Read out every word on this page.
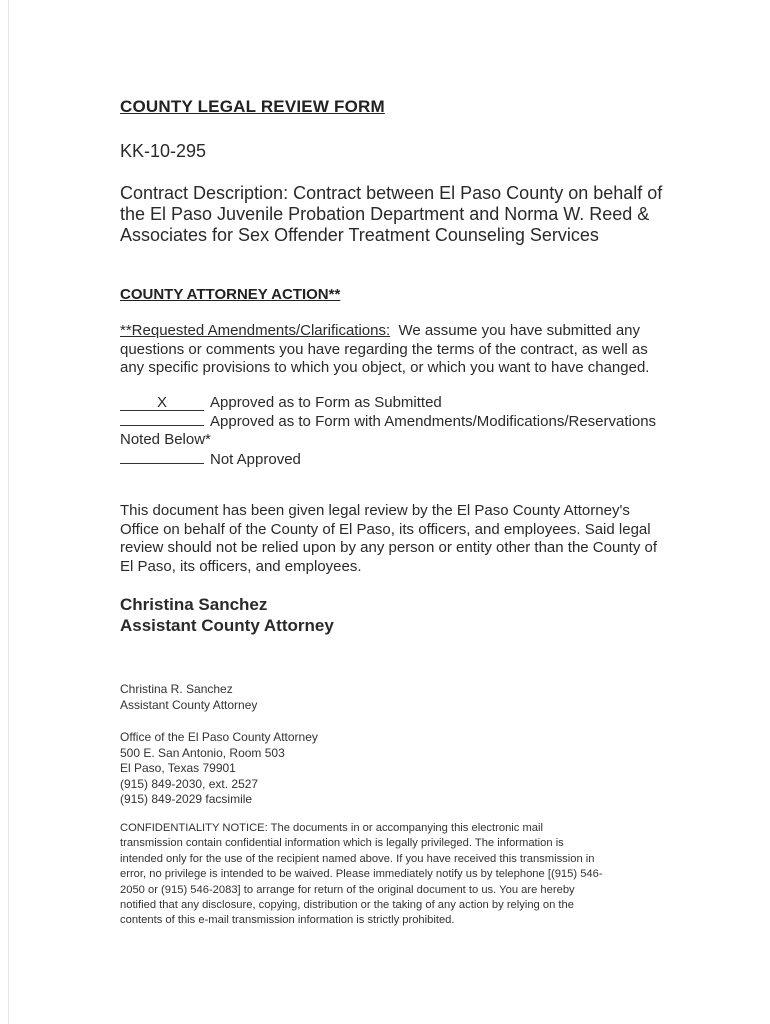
COUNTY LEGAL REVIEW FORM
KK-10-295
Contract Description: Contract between El Paso County on behalf of
the El Paso Juvenile Probation Department and Norma W. Reed &
Associates for Sex Offender Treatment Counseling Services
COUNTY ATTORNEY ACTION**
**Requested Amendments/Clarifications: We assume you have submitted any
questions or comments you have regarding the terms of the contract, as well as
any specific provisions to which you object, or which you want to have changed.
X	Approved as to Form as Submitted
Approved as to Form with Amendments/Modifications/Reservations
Noted Below*
Not Approved
This document has been given legal review by the El Paso County Attorney's
Office on behalf of the County of El Paso, its officers, and employees. Said legal
review should not be relied upon by any person or entity other than the County of
El Paso, its officers, and employees.
Christina Sanchez
Assistant County Attorney
Christina R. Sanchez
Assistant County Attorney
Office of the El Paso County Attorney
500 E. San Antonio, Room 503
El Paso, Texas 79901
(915) 849-2030, ext. 2527
(915) 849-2029 facsimile
CONFIDENTIALITY NOTICE: The documents in or accompanying this electronic mail
transmission contain confidential information which is legally privileged. The information is
intended only for the use of the recipient named above. If you have received this transmission in
error, no privilege is intended to be waived. Please immediately notify us by telephone [(915) 546-
2050 or (915) 546-2083] to arrange for return of the original document to us. You are hereby
notified that any disclosure, copying, distribution or the taking of any action by relying on the
contents of this e-mail transmission information is strictly prohibited.
